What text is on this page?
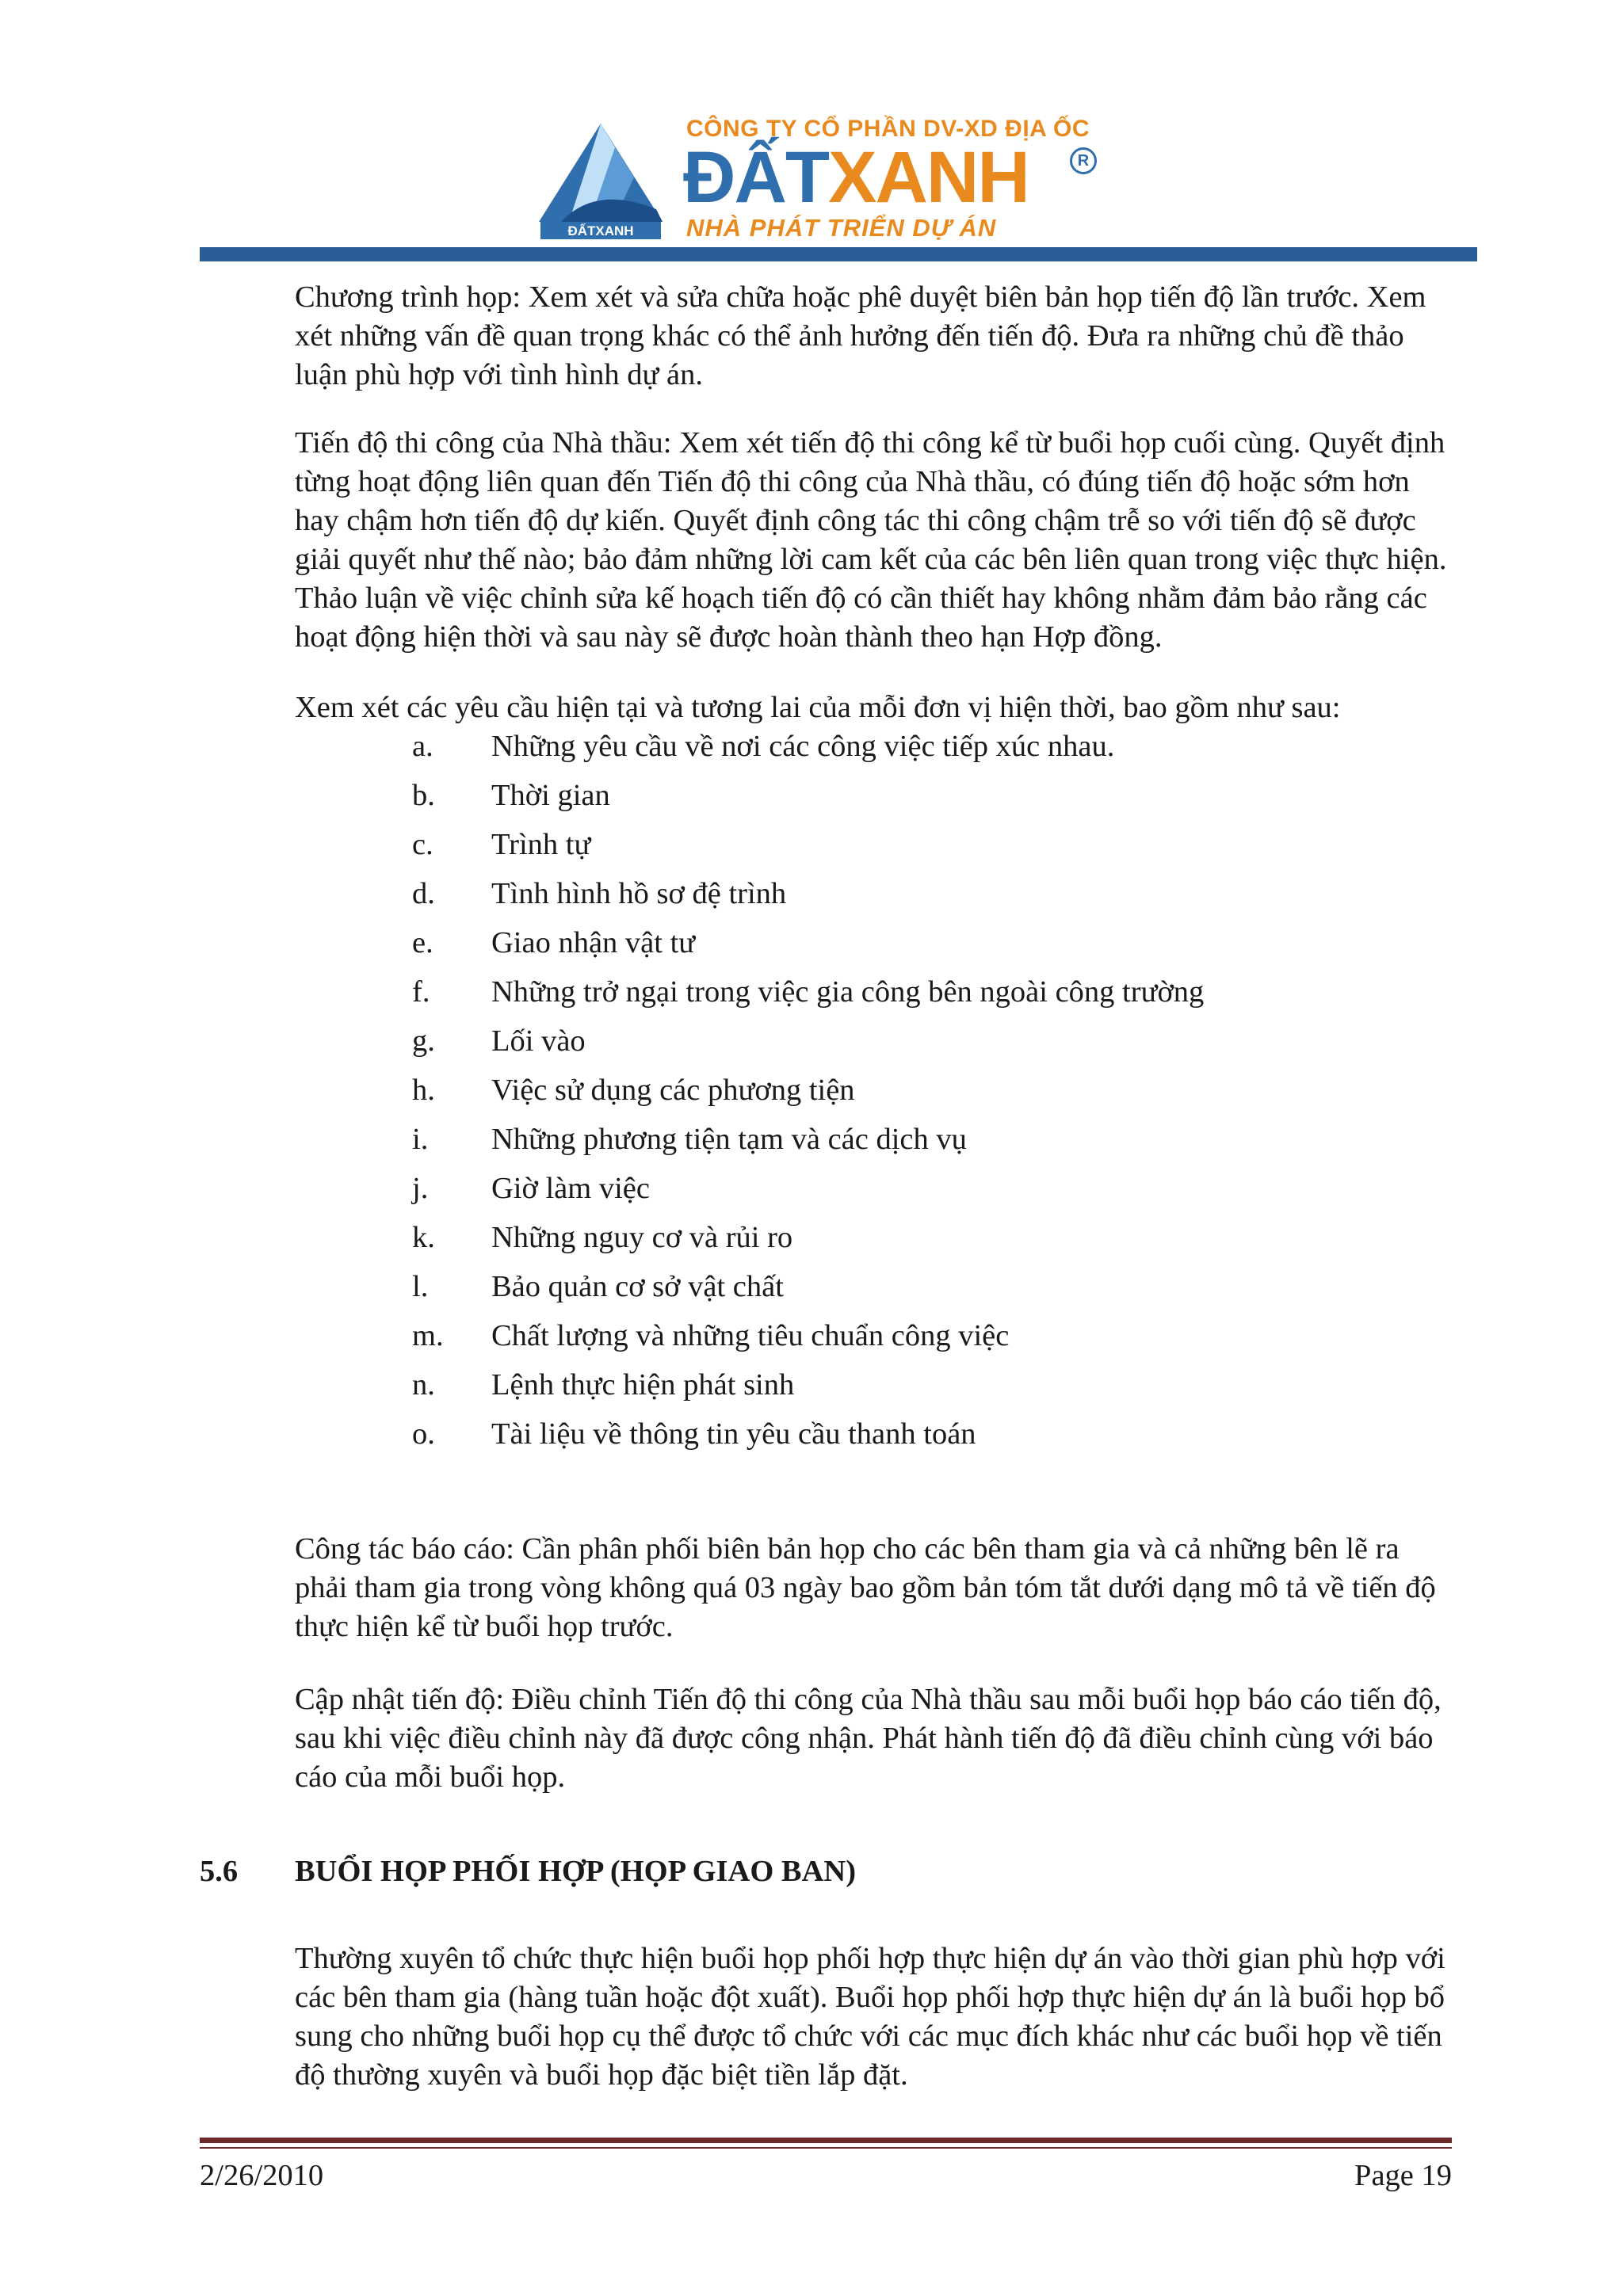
ĐẤTXANH
CÔNG TY CỔ PHẦN DV-XD ĐỊA ỐC
ĐẤTXANH	R
NHÀ PHÁT TRIỂN DỰ ÁN

Chương trình họp: Xem xét và sửa chữa hoặc phê duyệt biên bản họp tiến độ lần trước. Xem xét những vấn đề quan trọng khác có thể ảnh hưởng đến tiến độ. Đưa ra những chủ đề thảo luận phù hợp với tình hình dự án.

Tiến độ thi công của Nhà thầu: Xem xét tiến độ thi công kể từ buổi họp cuối cùng. Quyết định từng hoạt động liên quan đến Tiến độ thi công của Nhà thầu, có đúng tiến độ hoặc sớm hơn hay chậm hơn tiến độ dự kiến. Quyết định công tác thi công chậm trễ so với tiến độ sẽ được giải quyết như thế nào; bảo đảm những lời cam kết của các bên liên quan trong việc thực hiện. Thảo luận về việc chỉnh sửa kế hoạch tiến độ có cần thiết hay không nhằm đảm bảo rằng các hoạt động hiện thời và sau này sẽ được hoàn thành theo hạn Hợp đồng.

Xem xét các yêu cầu hiện tại và tương lai của mỗi đơn vị hiện thời, bao gồm như sau:

a. Những yêu cầu về nơi các công việc tiếp xúc nhau.
b. Thời gian
c. Trình tự
d. Tình hình hồ sơ đệ trình
e. Giao nhận vật tư
f. Những trở ngại trong việc gia công bên ngoài công trường
g. Lối vào
h. Việc sử dụng các phương tiện
i. Những phương tiện tạm và các dịch vụ
j. Giờ làm việc
k. Những nguy cơ và rủi ro
l. Bảo quản cơ sở vật chất
m. Chất lượng và những tiêu chuẩn công việc
n. Lệnh thực hiện phát sinh
o. Tài liệu về thông tin yêu cầu thanh toán

Công tác báo cáo: Cần phân phối biên bản họp cho các bên tham gia và cả những bên lẽ ra phải tham gia trong vòng không quá 03 ngày bao gồm bản tóm tắt dưới dạng mô tả về tiến độ thực hiện kể từ buổi họp trước.

Cập nhật tiến độ: Điều chỉnh Tiến độ thi công của Nhà thầu sau mỗi buổi họp báo cáo tiến độ, sau khi việc điều chỉnh này đã được công nhận. Phát hành tiến độ đã điều chỉnh cùng với báo cáo của mỗi buổi họp.

5.6 BUỔI HỌP PHỐI HỢP (HỌP GIAO BAN)

Thường xuyên tổ chức thực hiện buổi họp phối hợp thực hiện dự án vào thời gian phù hợp với các bên tham gia (hàng tuần hoặc đột xuất). Buổi họp phối hợp thực hiện dự án là buổi họp bổ sung cho những buổi họp cụ thể được tổ chức với các mục đích khác như các buổi họp về tiến độ thường xuyên và buổi họp đặc biệt tiền lắp đặt.

2/26/2010	Page 19
